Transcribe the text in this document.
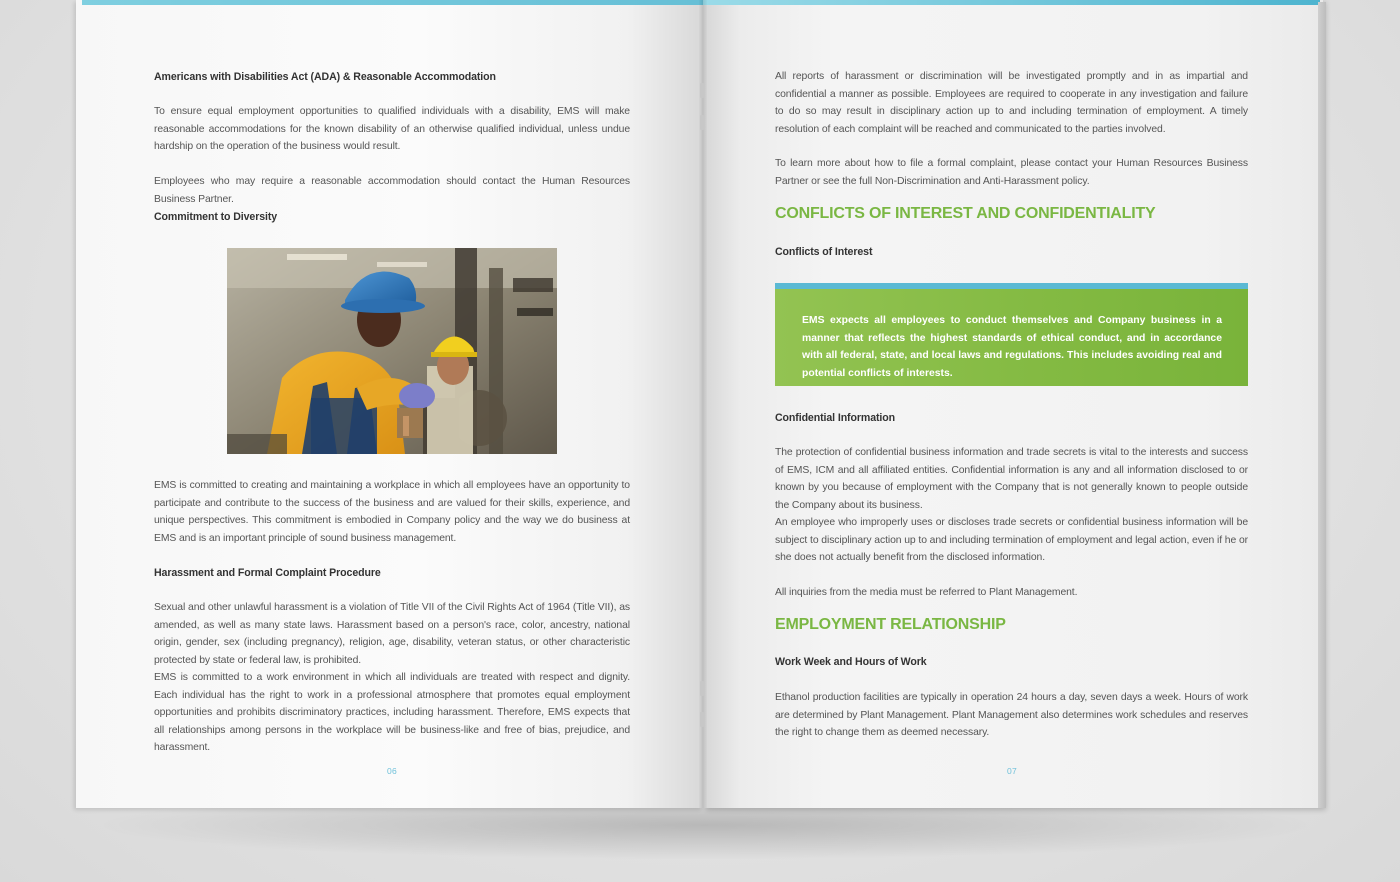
Americans with Disabilities Act (ADA) & Reasonable Accommodation

To ensure equal employment opportunities to qualified individuals with a disability, EMS will make reasonable accommodations for the known disability of an otherwise qualified individual, unless undue hardship on the operation of the business would result.

Employees who may require a reasonable accommodation should contact the Human Resources Business Partner.

Commitment to Diversity

EMS is committed to creating and maintaining a workplace in which all employees have an opportunity to participate and contribute to the success of the business and are valued for their skills, experience, and unique perspectives. This commitment is embodied in Company policy and the way we do business at EMS and is an important principle of sound business management.

Harassment and Formal Complaint Procedure

Sexual and other unlawful harassment is a violation of Title VII of the Civil Rights Act of 1964 (Title VII), as amended, as well as many state laws. Harassment based on a person's race, color, ancestry, national origin, gender, sex (including pregnancy), religion, age, disability, veteran status, or other characteristic protected by state or federal law, is prohibited.

EMS is committed to a work environment in which all individuals are treated with respect and dignity. Each individual has the right to work in a professional atmosphere that promotes equal employment opportunities and prohibits discriminatory practices, including harassment. Therefore, EMS expects that all relationships among persons in the workplace will be business-like and free of bias, prejudice, and harassment.

06

All reports of harassment or discrimination will be investigated promptly and in as impartial and confidential a manner as possible. Employees are required to cooperate in any investigation and failure to do so may result in disciplinary action up to and including termination of employment. A timely resolution of each complaint will be reached and communicated to the parties involved.

To learn more about how to file a formal complaint, please contact your Human Resources Business Partner or see the full Non-Discrimination and Anti-Harassment policy.

CONFLICTS OF INTEREST AND CONFIDENTIALITY

Conflicts of Interest

EMS expects all employees to conduct themselves and Company business in a manner that reflects the highest standards of ethical conduct, and in accordance with all federal, state, and local laws and regulations. This includes avoiding real and potential conflicts of interests.

Confidential Information

The protection of confidential business information and trade secrets is vital to the interests and success of EMS, ICM and all affiliated entities. Confidential information is any and all information disclosed to or known by you because of employment with the Company that is not generally known to people outside the Company about its business.

An employee who improperly uses or discloses trade secrets or confidential business information will be subject to disciplinary action up to and including termination of employment and legal action, even if he or she does not actually benefit from the disclosed information.

All inquiries from the media must be referred to Plant Management.

EMPLOYMENT RELATIONSHIP

Work Week and Hours of Work

Ethanol production facilities are typically in operation 24 hours a day, seven days a week. Hours of work are determined by Plant Management. Plant Management also determines work schedules and reserves the right to change them as deemed necessary.

07
